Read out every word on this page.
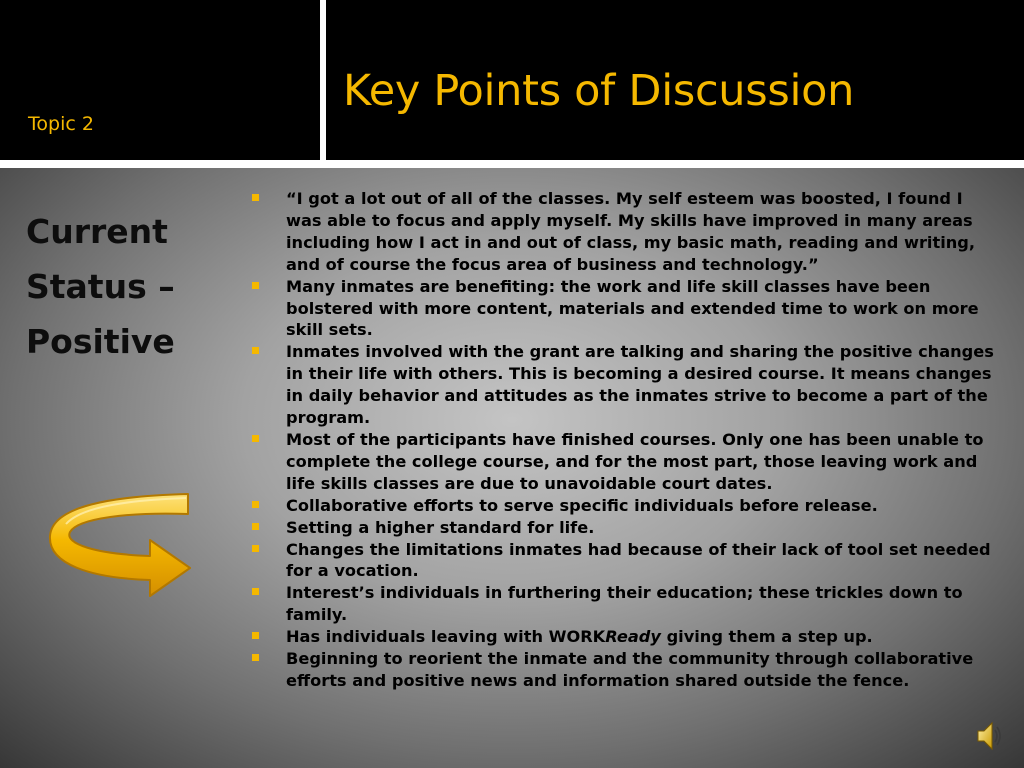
Topic 2
Key Points of Discussion
Current
Status –
Positive
“I got a lot out of all of the classes. My self esteem was boosted, I found I was able to focus and apply myself. My skills have improved in many areas including how I act in and out of class, my basic math, reading and writing, and of course the focus area of business and technology.”
Many inmates are benefiting: the work and life skill classes have been bolstered with more content, materials and extended time to work on more skill sets.
Inmates involved with the grant are talking and sharing the positive changes in their life with others. This is becoming a desired course. It means changes in daily behavior and attitudes as the inmates strive to become a part of the program.
Most of the participants have finished courses. Only one has been unable to complete the college course, and for the most part, those leaving work and life skills classes are due to unavoidable court dates.
Collaborative efforts to serve specific individuals before release.
Setting a higher standard for life.
Changes the limitations inmates had because of their lack of tool set needed for a vocation.
Interest’s individuals in furthering their education; these trickles down to family.
Has individuals leaving with WORKReady giving them a step up.
Beginning to reorient the inmate and the community through collaborative efforts and positive news and information shared outside the fence.
